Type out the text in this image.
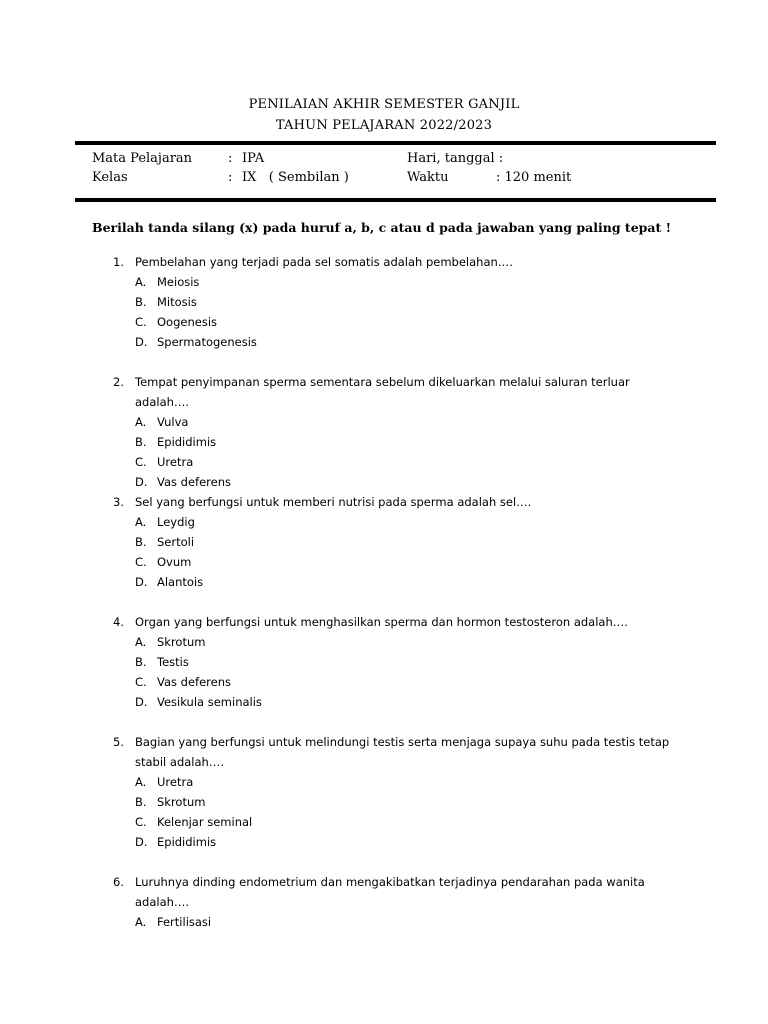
PENILAIAN AKHIR SEMESTER GANJIL
TAHUN PELAJARAN 2022/2023
Mata Pelajaran	: IPA	Hari, tanggal :
Kelas	: IX   ( Sembilan )	Waktu	: 120 menit
Berilah tanda silang (x) pada huruf a, b, c atau d pada jawaban yang paling tepat !
1. Pembelahan yang terjadi pada sel somatis adalah pembelahan….
A. Meiosis
B. Mitosis
C. Oogenesis
D. Spermatogenesis
2. Tempat penyimpanan sperma sementara sebelum dikeluarkan melalui saluran terluar adalah….
A. Vulva
B. Epididimis
C. Uretra
D. Vas deferens
3. Sel yang berfungsi untuk memberi nutrisi pada sperma adalah sel….
A. Leydig
B. Sertoli
C. Ovum
D. Alantois
4. Organ yang berfungsi untuk menghasilkan sperma dan hormon testosteron adalah….
A. Skrotum
B. Testis
C. Vas deferens
D. Vesikula seminalis
5. Bagian yang berfungsi untuk melindungi testis serta menjaga supaya suhu pada testis tetap stabil adalah….
A. Uretra
B. Skrotum
C. Kelenjar seminal
D. Epididimis
6. Luruhnya dinding endometrium dan mengakibatkan terjadinya pendarahan pada wanita adalah….
A. Fertilisasi
